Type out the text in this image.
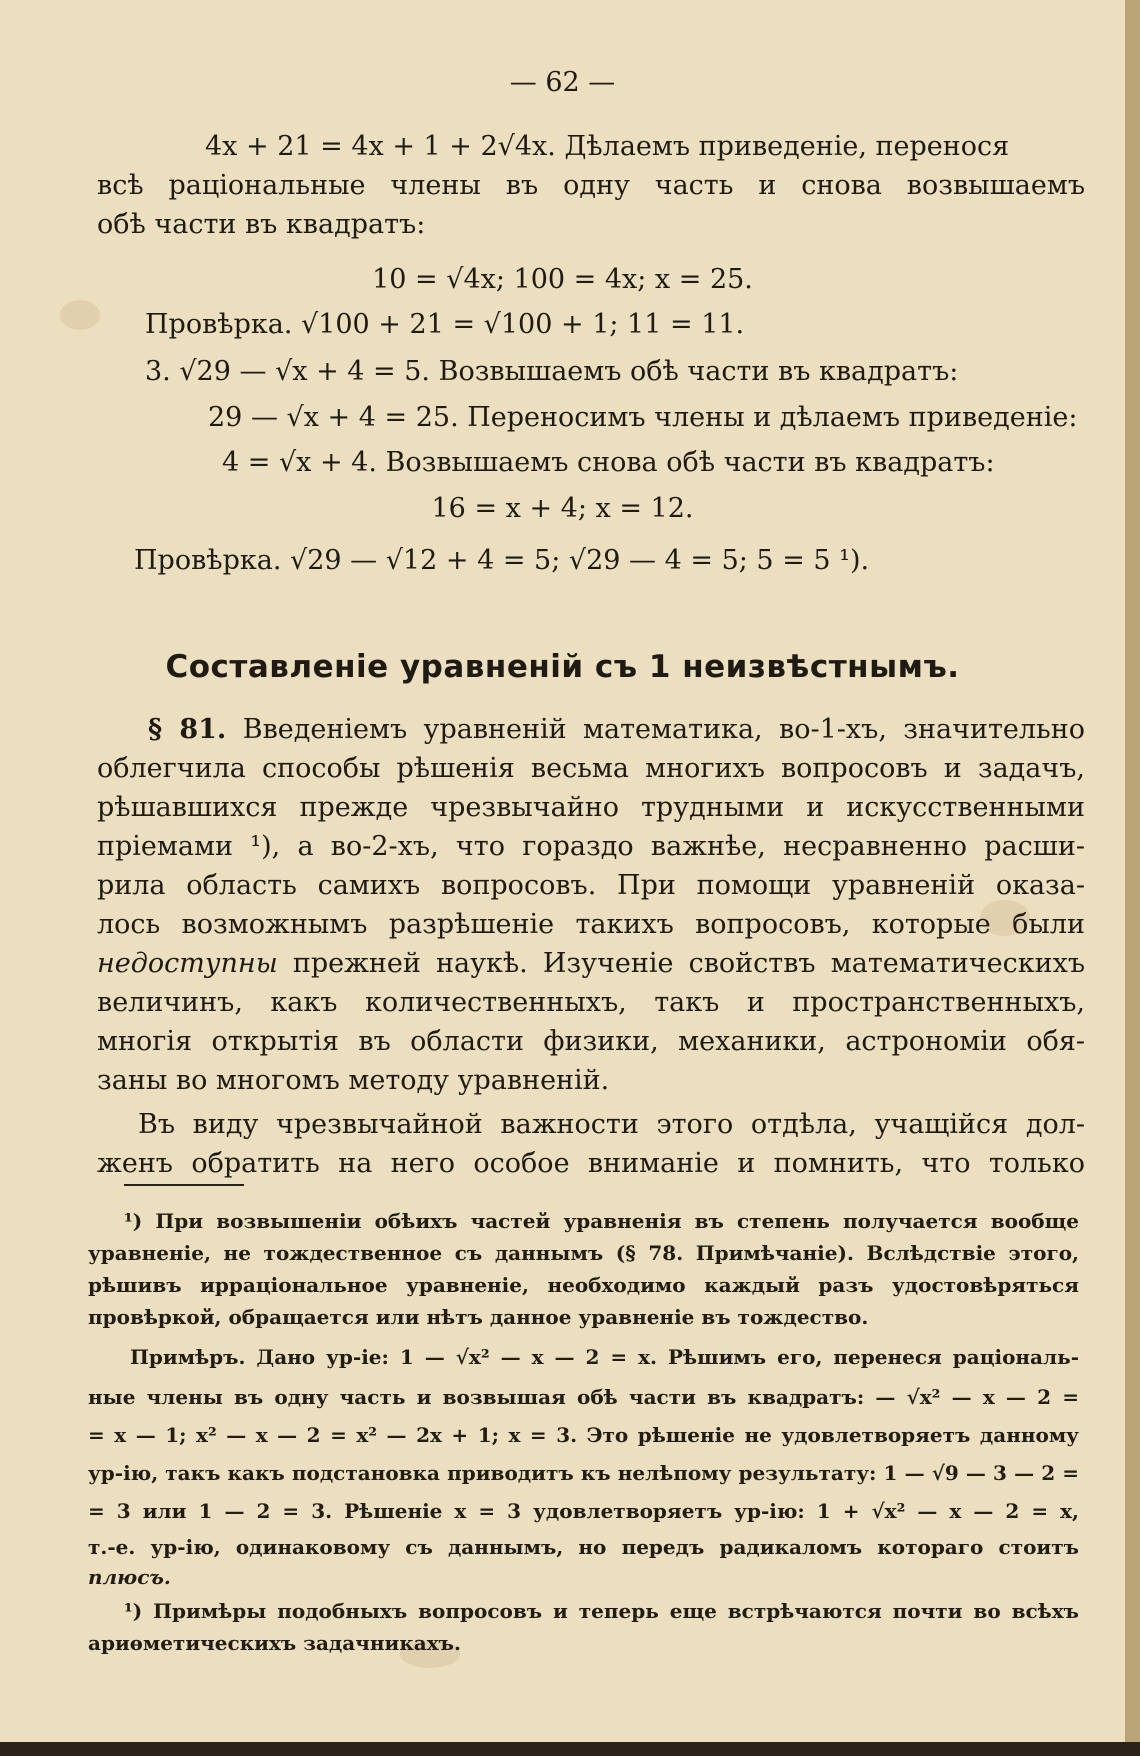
— 62 —
4x + 21 = 4x + 1 + 2√4x. Дѣлаемъ приведеніе, перенося
всѣ раціональные члены въ одну часть и снова возвышаемъ
обѣ части въ квадратъ:
10 = √4x; 100 = 4x; x = 25.
Провѣрка. √100 + 21 = √100 + 1; 11 = 11.
3. √29 — √x + 4 = 5. Возвышаемъ обѣ части въ квадратъ:
29 — √x + 4 = 25. Переносимъ члены и дѣлаемъ приведеніе:
4 = √x + 4. Возвышаемъ снова обѣ части въ квадратъ:
16 = x + 4; x = 12.
Провѣрка. √29 — √12 + 4 = 5; √29 — 4 = 5; 5 = 5 ¹).
Составленіе уравненій съ 1 неизвѣстнымъ.
§ 81. Введеніемъ уравненій математика, во-1-хъ, значительно
облегчила способы рѣшенія весьма многихъ вопросовъ и задачъ,
рѣшавшихся прежде чрезвычайно трудными и искусственными
пріемами ¹), а во-2-хъ, что гораздо важнѣе, несравненно расши-
рила область самихъ вопросовъ. При помощи уравненій оказа-
лось возможнымъ разрѣшеніе такихъ вопросовъ, которые были
недоступны прежней наукѣ. Изученіе свойствъ математическихъ
величинъ, какъ количественныхъ, такъ и пространственныхъ,
многія открытія въ области физики, механики, астрономіи обя-
заны во многомъ методу уравненій.
Въ виду чрезвычайной важности этого отдѣла, учащійся дол-
женъ обратить на него особое вниманіе и помнить, что только
¹) При возвышеніи обѣихъ частей уравненія въ степень получается вообще
уравненіе, не тождественное съ даннымъ (§ 78. Примѣчаніе). Вслѣдствіе этого,
рѣшивъ ирраціональное уравненіе, необходимо каждый разъ удостовѣряться
провѣркой, обращается или нѣтъ данное уравненіе въ тождество.
Примѣръ. Дано ур-іе: 1 — √x² — x — 2 = x. Рѣшимъ его, перенеся раціональ-
ные члены въ одну часть и возвышая обѣ части въ квадратъ: — √x² — x — 2 =
= x — 1; x² — x — 2 = x² — 2x + 1; x = 3. Это рѣшеніе не удовлетворяетъ данному
ур-ію, такъ какъ подстановка приводитъ къ нелѣпому результату: 1 — √9 — 3 — 2 =
= 3 или 1 — 2 = 3. Рѣшеніе x = 3 удовлетворяетъ ур-ію: 1 + √x² — x — 2 = x,
т.-е. ур-ію, одинаковому съ даннымъ, но передъ радикаломъ котораго стоитъ
плюсъ.
¹) Примѣры подобныхъ вопросовъ и теперь еще встрѣчаются почти во всѣхъ
ариѳметическихъ задачникахъ.
